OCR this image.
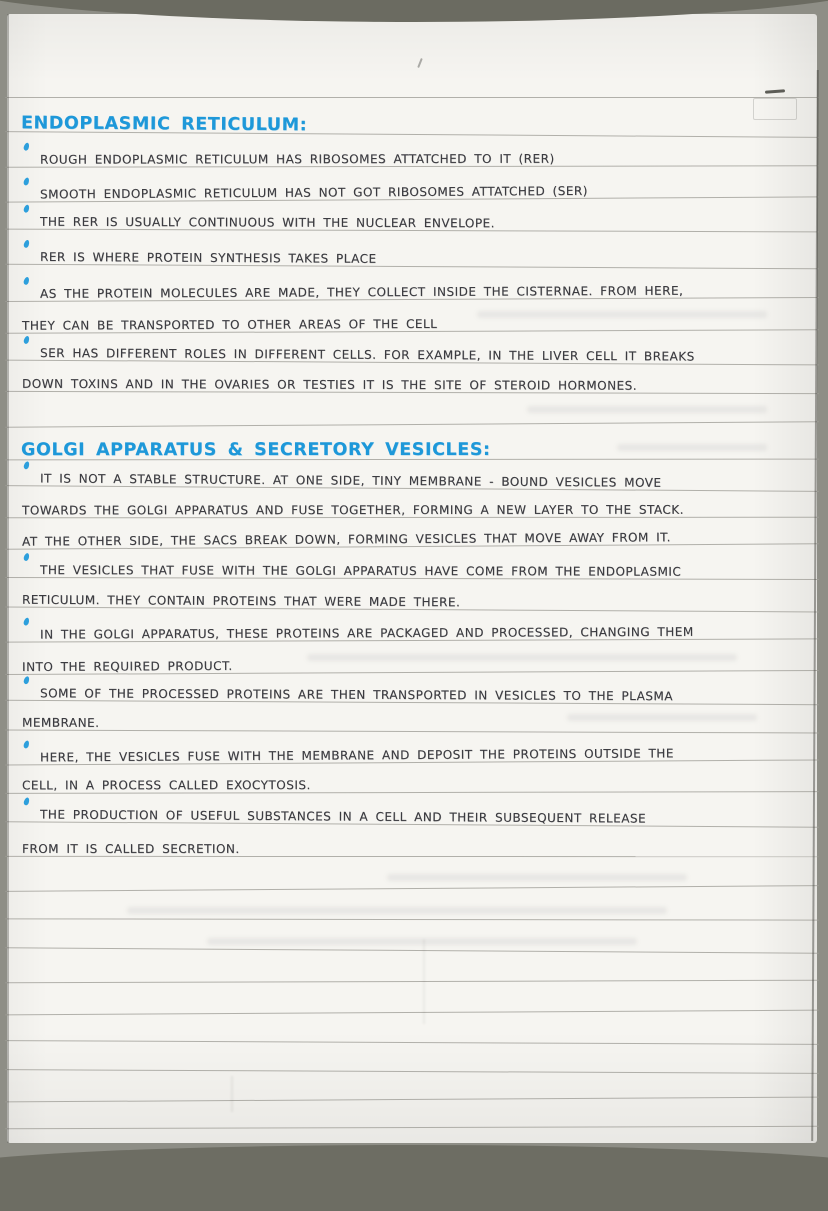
ENDOPLASMIC RETICULUM:
ROUGH ENDOPLASMIC RETICULUM HAS RIBOSOMES ATTATCHED TO IT (RER)
SMOOTH ENDOPLASMIC RETICULUM HAS NOT GOT RIBOSOMES ATTATCHED (SER)
THE RER IS USUALLY CONTINUOUS WITH THE NUCLEAR ENVELOPE.
RER IS WHERE PROTEIN SYNTHESIS TAKES PLACE
AS THE PROTEIN MOLECULES ARE MADE, THEY COLLECT INSIDE THE CISTERNAE. FROM HERE,
THEY CAN BE TRANSPORTED TO OTHER AREAS OF THE CELL
SER HAS DIFFERENT ROLES IN DIFFERENT CELLS. FOR EXAMPLE, IN THE LIVER CELL IT BREAKS
DOWN TOXINS AND IN THE OVARIES OR TESTIES IT IS THE SITE OF STEROID HORMONES.
GOLGI APPARATUS & SECRETORY VESICLES:
IT IS NOT A STABLE STRUCTURE. AT ONE SIDE, TINY MEMBRANE - BOUND VESICLES MOVE
TOWARDS THE GOLGI APPARATUS AND FUSE TOGETHER, FORMING A NEW LAYER TO THE STACK.
AT THE OTHER SIDE, THE SACS BREAK DOWN, FORMING VESICLES THAT MOVE AWAY FROM IT.
THE VESICLES THAT FUSE WITH THE GOLGI APPARATUS HAVE COME FROM THE ENDOPLASMIC
RETICULUM. THEY CONTAIN PROTEINS THAT WERE MADE THERE.
IN THE GOLGI APPARATUS, THESE PROTEINS ARE PACKAGED AND PROCESSED, CHANGING THEM
INTO THE REQUIRED PRODUCT.
SOME OF THE PROCESSED PROTEINS ARE THEN TRANSPORTED IN VESICLES TO THE PLASMA
MEMBRANE.
HERE, THE VESICLES FUSE WITH THE MEMBRANE AND DEPOSIT THE PROTEINS OUTSIDE THE
CELL, IN A PROCESS CALLED EXOCYTOSIS.
THE PRODUCTION OF USEFUL SUBSTANCES IN A CELL AND THEIR SUBSEQUENT RELEASE
FROM IT IS CALLED SECRETION.
